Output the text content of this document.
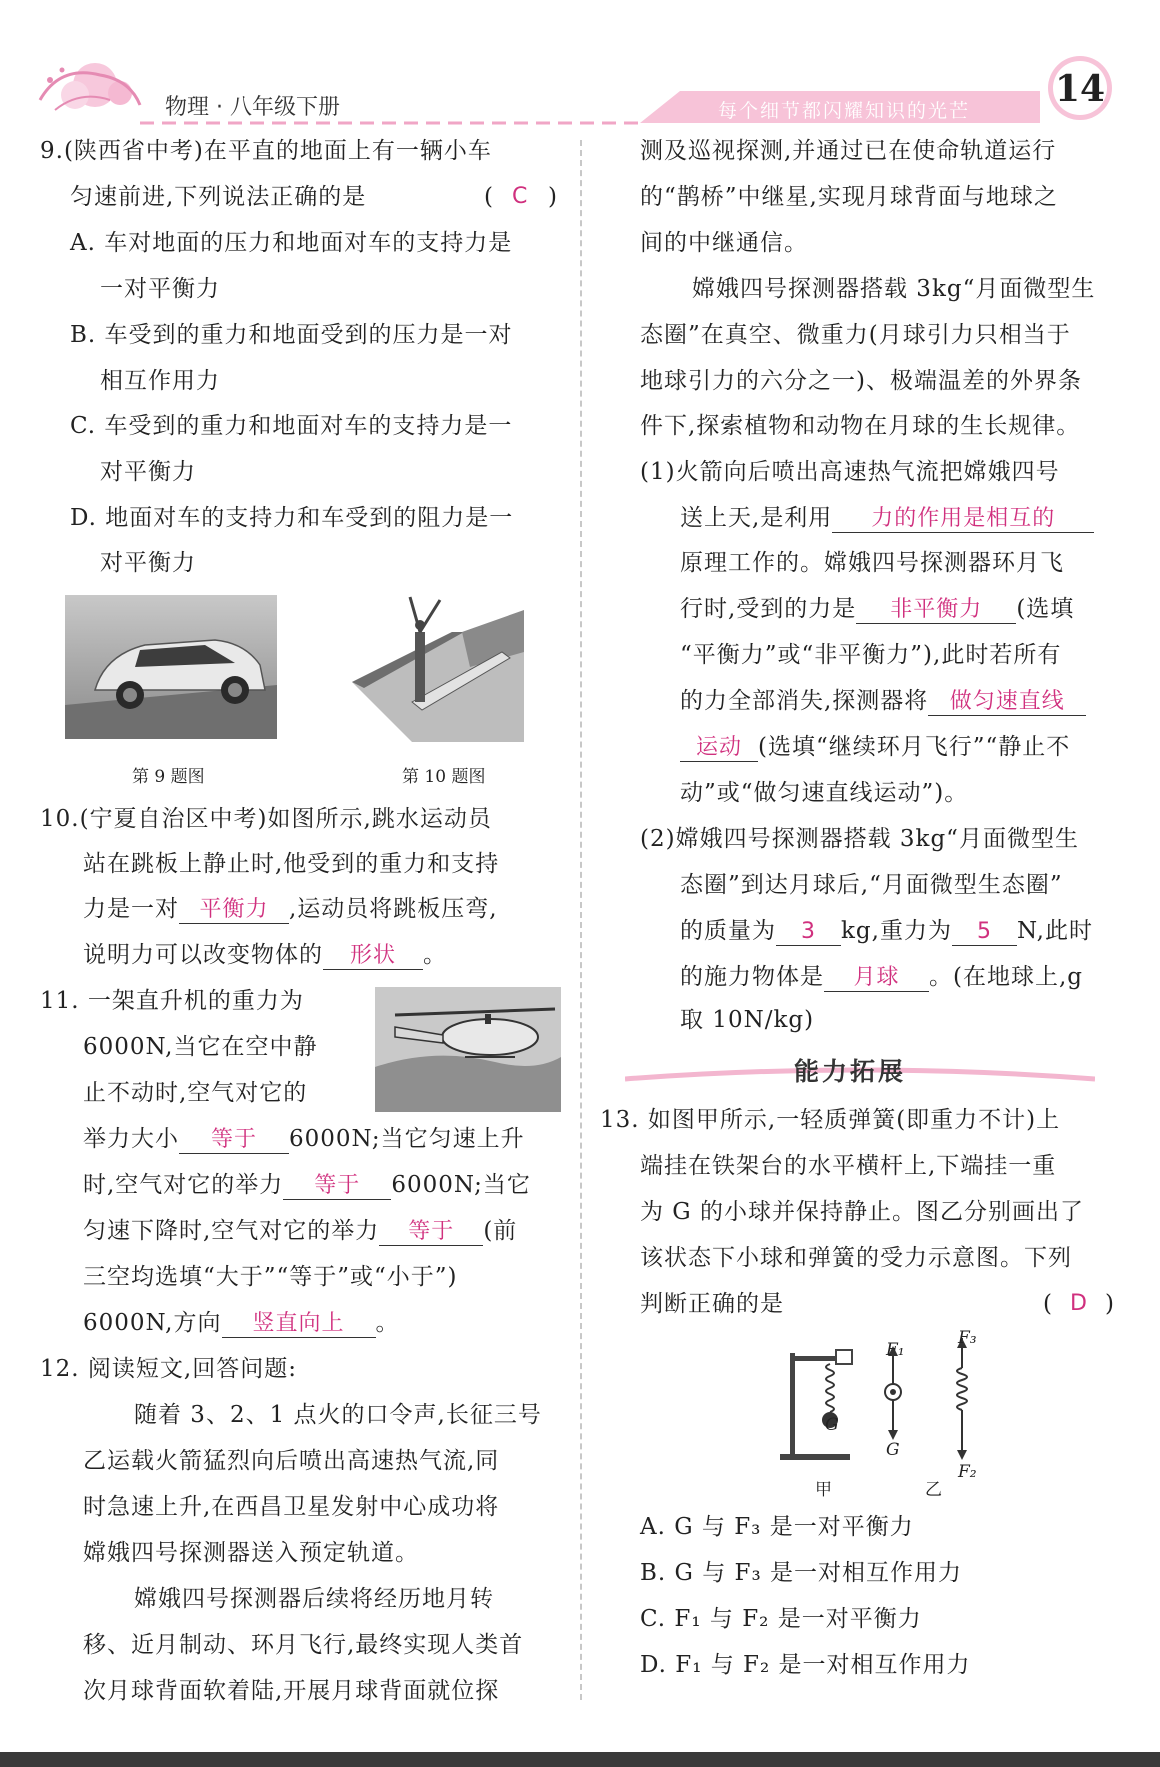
物理 · 八年级下册	每个细节都闪耀知识的光芒
14
9.(陕西省中考)在平直的地面上有一辆小车
匀速前进,下列说法正确的是	( C )
A. 车对地面的压力和地面对车的支持力是
一对平衡力
B. 车受到的重力和地面受到的压力是一对
相互作用力
C. 车受到的重力和地面对车的支持力是一
对平衡力
D. 地面对车的支持力和车受到的阻力是一
对平衡力
第 9 题图	第 10 题图
10.(宁夏自治区中考)如图所示,跳水运动员
站在跳板上静止时,他受到的重力和支持
力是一对 平衡力 ,运动员将跳板压弯,
说明力可以改变物体的 形状 。
11. 一架直升机的重力为
6000N,当它在空中静
止不动时,空气对它的
举力大小 等于 6000N;当它匀速上升
时,空气对它的举力 等于 6000N;当它
匀速下降时,空气对它的举力 等于 (前
三空均选填“大于”“等于”或“小于”)
6000N,方向 竖直向上 。
12. 阅读短文,回答问题:
随着 3、2、1 点火的口令声,长征三号
乙运载火箭猛烈向后喷出高速热气流,同
时急速上升,在西昌卫星发射中心成功将
嫦娥四号探测器送入预定轨道。
嫦娥四号探测器后续将经历地月转
移、近月制动、环月飞行,最终实现人类首
次月球背面软着陆,开展月球背面就位探
测及巡视探测,并通过已在使命轨道运行
的“鹊桥”中继星,实现月球背面与地球之
间的中继通信。
嫦娥四号探测器搭载 3kg“月面微型生
态圈”在真空、微重力(月球引力只相当于
地球引力的六分之一)、极端温差的外界条
件下,探索植物和动物在月球的生长规律。
(1)火箭向后喷出高速热气流把嫦娥四号
送上天,是利用 力的作用是相互的
原理工作的。嫦娥四号探测器环月飞
行时,受到的力是 非平衡力 (选填
“平衡力”或“非平衡力”),此时若所有
的力全部消失,探测器将 做匀速直线
运动 (选填“继续环月飞行”“静止不
动”或“做匀速直线运动”)。
(2)嫦娥四号探测器搭载 3kg“月面微型生
态圈”到达月球后,“月面微型生态圈”
的质量为 3 kg,重力为 5 N,此时
的施力物体是 月球 。(在地球上,g
取 10N/kg)
能力拓展
13. 如图甲所示,一轻质弹簧(即重力不计)上
端挂在铁架台的水平横杆上,下端挂一重
为 G 的小球并保持静止。图乙分别画出了
该状态下小球和弹簧的受力示意图。下列
判断正确的是	( D )
G
F₁
G
F₃
F₂
甲	乙
A. G 与 F₃ 是一对平衡力
B. G 与 F₃ 是一对相互作用力
C. F₁ 与 F₂ 是一对平衡力
D. F₁ 与 F₂ 是一对相互作用力
